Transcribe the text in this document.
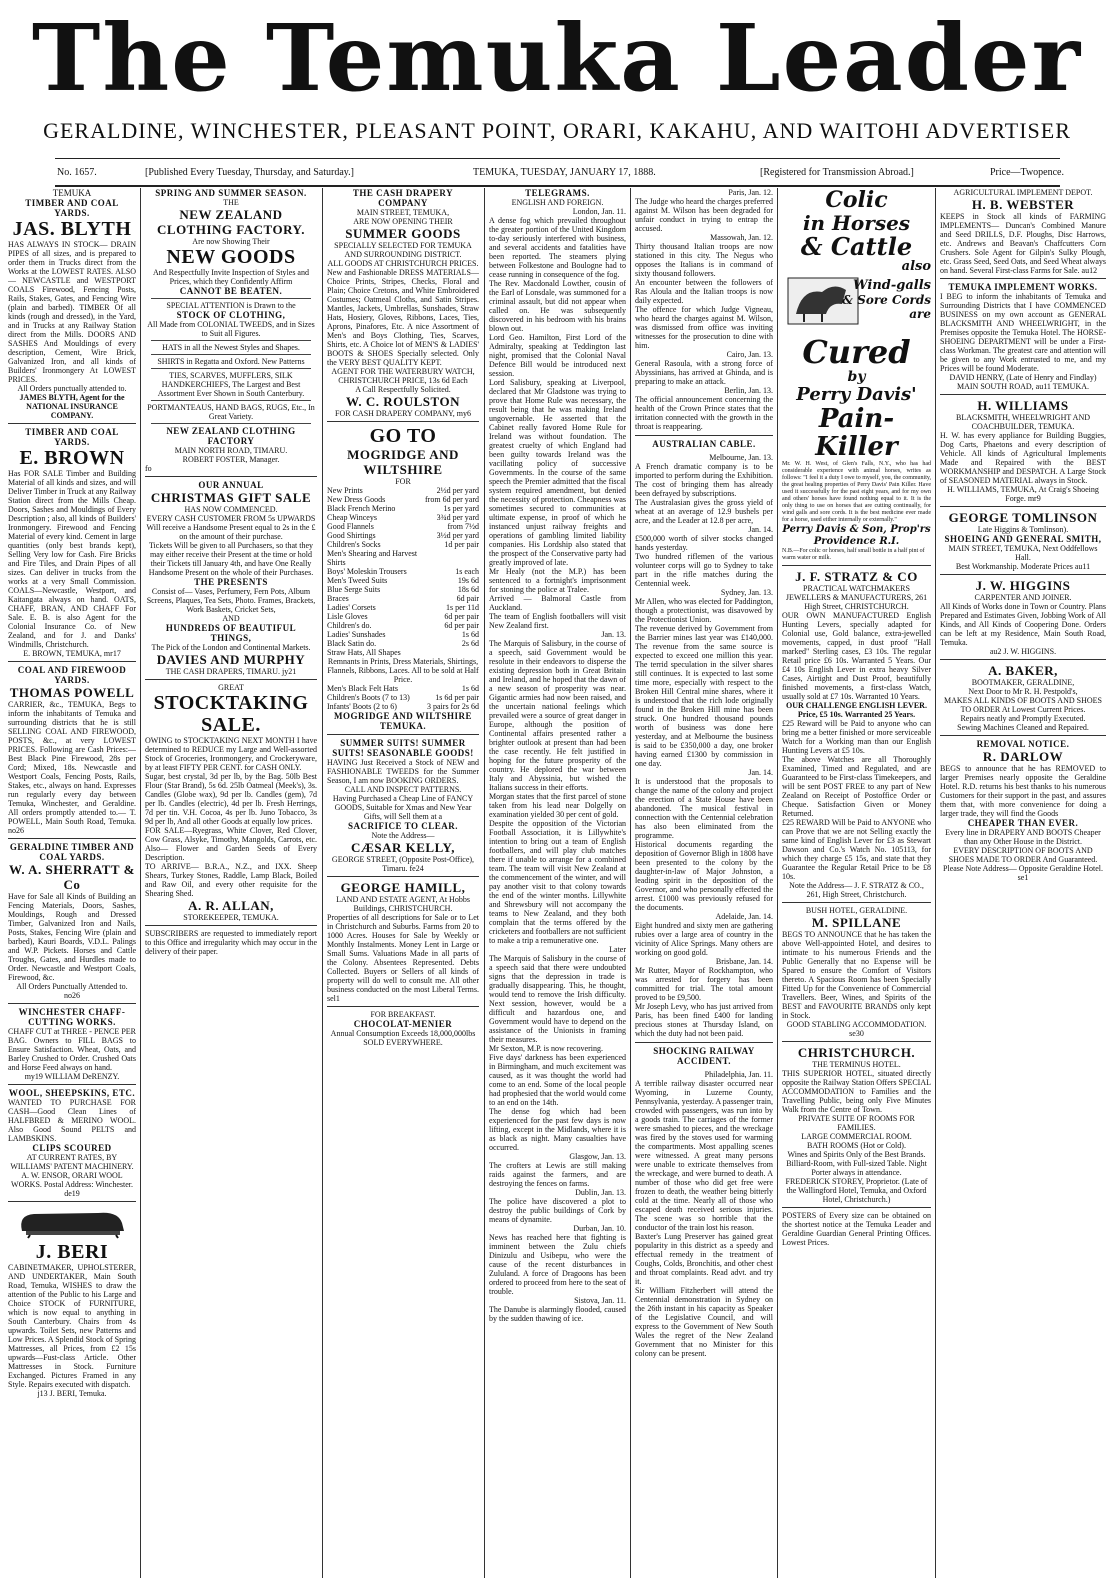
The Temuka Leader
GERALDINE, WINCHESTER, PLEASANT POINT, ORARI, KAKAHU, AND WAITOHI ADVERTISER
No. 1657.	[Published Every Tuesday, Thursday, and Saturday.]	TEMUKA, TUESDAY, JANUARY 17, 1888.	[Registered for Transmission Abroad.]	Price—Twopence.
TEMUKA
TIMBER AND COAL YARDS.
JAS. BLYTH
HAS ALWAYS IN STOCK— DRAIN PIPES of all sizes, and is prepared to order them in Trucks direct from the Works at the LOWEST RATES. ALSO— NEWCASTLE and WESTPORT COALS Firewood, Fencing Posts, Rails, Stakes, Gates, and Fencing Wire (plain and barbed). TIMBER Of all kinds (rough and dressed), in the Yard, and in Trucks at any Railway Station direct from the Mills. DOORS AND SASHES And Mouldings of every description, Cement, Wire Brick, Galvanized Iron, and all kinds of Builders' Ironmongery At LOWEST PRICES.
All Orders punctually attended to.
JAMES BLYTH, Agent for the NATIONAL INSURANCE COMPANY.
TIMBER AND COAL YARDS.
E. BROWN
Has FOR SALE Timber and Building Material of all kinds and sizes, and will Deliver Timber in Truck at any Railway Station direct from the Mills Cheap. Doors, Sashes and Mouldings of Every Description ; also, all kinds of Builders' Ironmongery. Firewood and Fencing Material of every kind. Cement in large quantities (only best brands kept), Selling Very low for Cash. Fire Bricks and Fire Tiles, and Drain Pipes of all sizes. Can deliver in trucks from the works at a very Small Commission. COALS—Newcastle, Westport, and Kaitangata always on hand. OATS, CHAFF, BRAN, AND CHAFF For Sale. E. B. is also Agent for the Colonial Insurance Co. of New Zealand, and for J. and Danks' Windmills, Christchurch.
E. BROWN, TEMUKA, mr17
COAL AND FIREWOOD YARDS.
THOMAS POWELL
CARRIER, &c., TEMUKA, Begs to inform the inhabitants of Temuka and surrounding districts that he is still SELLING COAL AND FIREWOOD, POSTS, &c., at very LOWEST PRICES. Following are Cash Prices:—Best Black Pine Firewood, 28s per Cord; Mixed, 18s. Newcastle and Westport Coals, Fencing Posts, Rails, Stakes, etc., always on hand. Expresses run regularly every day between Temuka, Winchester, and Geraldine. All orders promptly attended to.— T. POWELL, Main South Road, Temuka. no26
GERALDINE TIMBER AND COAL YARDS.
W. A. SHERRATT & Co
Have for Sale all Kinds of Building an Fencing Materials, Doors, Sashes, Mouldings, Rough and Dressed Timber, Galvanized Iron and Nails, Posts, Stakes, Fencing Wire (plain and barbed), Kauri Boards, V.D.L. Palings and W.P. Pickets. Horses and Cattle Troughs, Gates, and Hurdles made to Order. Newcastle and Westport Coals, Firewood, &c.
All Orders Punctually Attended to. no26
WINCHESTER CHAFF-CUTTING WORKS.
CHAFF CUT at THREE - PENCE PER BAG. Owners to FILL BAGS to Ensure Satisfaction. Wheat, Oats, and Barley Crushed to Order. Crushed Oats and Horse Feed always on hand.
my19 WILLIAM DeRENZY.
WOOL, SHEEPSKINS, ETC.
WANTED TO PURCHASE FOR CASH—Good Clean Lines of HALFBRED & MERINO WOOL. Also Good Sound PELTS and LAMBSKINS.
CLIPS SCOURED
AT CURRENT RATES, BY WILLIAMS' PATENT MACHINERY.
A. W. ENSOR, ORARI WOOL WORKS. Postal Address: Winchester. de19
J. BERI
CABINETMAKER, UPHOLSTERER, AND UNDERTAKER, Main South Road, Temuka, WISHES to draw the attention of the Public to his Large and Choice STOCK of FURNITURE, which is now equal to anything in South Canterbury. Chairs from 4s upwards. Toilet Sets, new Patterns and Low Prices. A Splendid Stock of Spring Mattresses, all Prices, from £2 15s upwards—Fust-class Article. Other Mattresses in Stock. Furniture Exchanged. Pictures Framed in any Style. Repairs executed with dispatch.
j13 J. BERI, Temuka.
SPRING AND SUMMER SEASON.
THE
NEW ZEALAND CLOTHING FACTORY.
Are now Showing Their
NEW GOODS
And Respectfully Invite Inspection of Styles and Prices, which they Confidently Affirm
CANNOT BE BEATEN.
SPECIAL ATTENTION is Drawn to the
STOCK OF CLOTHING,
All Made from COLONIAL TWEEDS, and in Sizes to Suit all Figures.
HATS in all the Newest Styles and Shapes.
SHIRTS in Regatta and Oxford. New Patterns
TIES, SCARVES, MUFFLERS, SILK HANDKERCHIEFS, The Largest and Best Assortment Ever Shown in South Canterbury.
PORTMANTEAUS, HAND BAGS, RUGS, Etc., In Great Variety.
NEW ZEALAND CLOTHING FACTORY
MAIN NORTH ROAD, TIMARU.
ROBERT FOSTER, Manager.
fo
OUR ANNUAL
CHRISTMAS GIFT SALE
HAS NOW COMMENCED.
EVERY CASH CUSTOMER FROM 5s UPWARDS Will receive a Handsome Present equal to 2s in the £ on the amount of their purchase.
Tickets Will be given to all Purchasers, so that they may either receive their Present at the time or hold their Tickets till January 4th, and have One Really Handsome Present on the whole of their Purchases.
THE PRESENTS
Consist of— Vases, Perfumery, Fern Pots, Album Screens, Plaques, Tea Sets, Photo. Frames, Brackets, Work Baskets, Cricket Sets,
AND
HUNDREDS OF BEAUTIFUL THINGS,
The Pick of the London and Continental Markets.
DAVIES AND MURPHY
THE CASH DRAPERS, TIMARU. jy21
GREAT
STOCKTAKING SALE.
OWING to STOCKTAKING NEXT MONTH I have determined to REDUCE my Large and Well-assorted Stock of Groceries, Ironmongery, and Crockeryware, by at least FIFTY PER CENT. for CASH ONLY.
Sugar, best crystal, 3d per lb, by the Bag. 50lb Best Flour (Star Brand), 5s 6d. 25lb Oatmeal (Meek's), 3s. Candles (Globe wax), 9d per lb. Candles (gem), 7d per lb. Candles (electric), 4d per lb. Fresh Herrings, 7d per tin. V.H. Cocoa, 4s per lb. Juno Tobacco, 3s 9d per lb, And all other Goods at equally low prices.
FOR SALE—Ryegrass, White Clover, Red Clover, Cow Grass, Alsyke, Timothy, Mangolds, Carrots, etc. Also— Flower and Garden Seeds of Every Description.
TO ARRIVE— B.R.A., N.Z., and IXX. Sheep Shears, Turkey Stones, Raddle, Lamp Black, Boiled and Raw Oil, and every other requisite for the Shearing Shed.
A. R. ALLAN,
STOREKEEPER, TEMUKA.
SUBSCRIBERS are requested to immediately report to this Office and irregularity which may occur in the delivery of their paper.
THE CASH DRAPERY COMPANY
MAIN STREET, TEMUKA,
ARE NOW OPENING THEIR
SUMMER GOODS
SPECIALLY SELECTED FOR TEMUKA AND SURROUNDING DISTRICT.
ALL GOODS AT CHRISTCHURCH PRICES.
New and Fashionable DRESS MATERIALS—Choice Prints, Stripes, Checks, Floral and Plain; Choice Cretons, and White Embroidered Costumes; Oatmeal Cloths, and Satin Stripes. Mantles, Jackets, Umbrellas, Sunshades, Straw Hats, Hosiery, Gloves, Ribbons, Laces, Ties, Aprons, Pinafores, Etc. A nice Assortment of Men's and Boys Clothing, Ties, Scarves, Shirts, etc. A Choice lot of MEN'S & LADIES' BOOTS & SHOES Specially selected. Only the VERY BEST QUALITY KEPT.
AGENT FOR THE WATERBURY WATCH, CHRISTCHURCH PRICE, 13s 6d Each
A Call Respectfully Solicited.
W. C. ROULSTON
FOR CASH DRAPERY COMPANY, my6
GO TO
MOGRIDGE AND WILTSHIRE
FOR
New Prints	2½d per yard
New Dress Goods	from 6d per yard
Black French Merino	1s per yard
Cheap Winceys	3¾d per yard
Good Flannels	from 7½d
Good Shirtings	3½d per yard
Children's Socks	1d per pair
Men's Shearing and Harvest Shirts	
Boys' Moleskin Trousers	1s each
Men's Tweed Suits	19s 6d
Blue Serge Suits	18s 6d
Braces	6d pair
Ladies' Corsets	1s per 11d
Lisle Gloves	6d per pair
Children's do.	6d per pair
Ladies' Sunshades	1s 6d
Black Satin do.	2s 6d
Straw Hats, All Shapes	
Remnants in Prints, Dress Materials, Shirtings, Flannels, Ribbons, Laces. All to be sold at Half Price.
Men's Black Felt Hats	1s 6d
Children's Boots (7 to 13)	1s 6d per pair
Infants' Boots (2 to 6)	3 pairs for 2s 6d
MOGRIDGE AND WILTSHIRE TEMUKA.
SUMMER SUITS! SUMMER SUITS! SEASONABLE GOODS!
HAVING Just Received a Stock of NEW and FASHIONABLE TWEEDS for the Summer Season, I am now BOOKING ORDERS.
CALL AND INSPECT PATTERNS.
Having Purchased a Cheap Line of FANCY GOODS, Suitable for Xmas and New Year Gifts, will Sell them at a
SACRIFICE TO CLEAR.
Note the Address—
CÆSAR KELLY,
GEORGE STREET, (Opposite Post-Office), Timaru. fe24
GEORGE HAMILL,
LAND AND ESTATE AGENT, At Hobbs Buildings, CHRISTCHURCH.
Properties of all descriptions for Sale or to Let in Christchurch and Suburbs. Farms from 20 to 1000 Acres. Houses for Sale by Weekly or Monthly Instalments. Money Lent in Large or Small Sums. Valuations Made in all parts of the Colony. Absentees Represented. Debts Collected. Buyers or Sellers of all kinds of property will do well to consult me. All other business conducted on the most Liberal Terms. sel1
FOR BREAKFAST.
CHOCOLAT-MENIER
Annual Consumption Exceeds 18,000,000lbs
SOLD EVERYWHERE.
TELEGRAMS.
ENGLISH AND FOREIGN.
London, Jan. 11.
A dense fog which prevailed throughout the greater portion of the United Kingdom to-day seriously interfered with business, and several accidents and fatalities have been reported. The steamers plying between Folkestone and Boulogne had to cease running in consequence of the fog.
The Rev. Macdonald Lowther, cousin of the Earl of Lonsdale, was summoned for a criminal assault, but did not appear when called on. He was subsequently discovered in his bedroom with his brains blown out.
Lord Geo. Hamilton, First Lord of the Admiralty, speaking at Teddington last night, promised that the Colonial Naval Defence Bill would be introduced next session.
Lord Salisbury, speaking at Liverpool, declared that Mr Gladstone was trying to prove that Home Rule was necessary, the result being that he was making Ireland ungovernable. He asserted that the Cabinet really favored Home Rule for Ireland was without foundation. The greatest cruelty of which England had been guilty towards Ireland was the vacillating policy of successive Governments. In the course of the same speech the Premier admitted that the fiscal system required amendment, but denied the necessity of protection. Cheapness was sometimes secured to communities at ultimate expense, in proof of which he instanced unjust railway freights and operations of gambling limited liability companies. His Lordship also stated that the prospect of the Conservative party had greatly improved of late.
Mr Healy (not the M.P.) has been sentenced to a fortnight's imprisonment for stoning the police at Tralee.
Arrived — Balmoral Castle from Auckland.
The team of English footballers will visit New Zealand first.
Jan. 13.
The Marquis of Salisbury, in the course of a speech, said Government would be resolute in their endeavors to disperse the existing depression both in Great Britain and Ireland, and he hoped that the dawn of a new season of prosperity was near. Gigantic armies had now been raised, and the uncertain national feelings which prevailed were a source of great danger in Europe, although the position of Continental affairs presented rather a brighter outlook at present than had been the case recently. He felt justified in hoping for the future prosperity of the country. He deplored the war between Italy and Abyssinia, but wished the Italians success in their efforts.
Morgan states that the first parcel of stone taken from his lead near Dolgelly on examination yielded 30 per cent of gold.
Despite the opposition of the Victorian Football Association, it is Lillywhite's intention to bring out a team of English footballers, and will play club matches there if unable to arrange for a combined team. The team will visit New Zealand at the commencement of the winter, and will pay another visit to that colony towards the end of the winter months. Lillywhite and Shrewsbury will not accompany the teams to New Zealand, and they both complain that the terms offered by the cricketers and footballers are not sufficient to make a trip a remunerative one.
Later
The Marquis of Salisbury in the course of a speech said that there were undoubted signs that the depression in trade is gradually disappearing. This, he thought, would tend to remove the Irish difficulty. Next session, however, would be a difficult and hazardous one, and Government would have to depend on the assistance of the Unionists in framing their measures.
Mr Sexton, M.P. is now recovering.
Five days' darkness has been experienced in Birmingham, and much excitement was caused, as it was thought the world had come to an end. Some of the local people had prophesied that the world would come to an end on the 14th.
The dense fog which had been experienced for the past few days is now lifting, except in the Midlands, where it is as black as night. Many casualties have occurred.
Glasgow, Jan. 13.
The crofters at Lewis are still making raids against the farmers, and are destroying the fences on farms.
Dublin, Jan. 13.
The police have discovered a plot to destroy the public buildings of Cork by means of dynamite.
Durban, Jan. 10.
News has reached here that fighting is imminent between the Zulu chiefs Dinizulu and Usibepu, who were the cause of the recent disturbances in Zululand. A force of Dragoons has been ordered to proceed from here to the seat of trouble.
Sistova, Jan. 11.
The Danube is alarmingly flooded, caused by the sudden thawing of ice.
Paris, Jan. 12.
The Judge who heard the charges preferred against M. Wilson has been degraded for unfair conduct in trying to entrap the accused.
Massowah, Jan. 12.
Thirty thousand Italian troops are now stationed in this city. The Negus who opposes the Italians is in command of sixty thousand followers.
An encounter between the followers of Ras Aloula and the Italian troops is now daily expected.
The offence for which Judge Vigneau, who heard the charges against M. Wilson, was dismissed from office was inviting witnesses for the prosecution to dine with him.
Cairo, Jan. 13.
General Rasoula, with a strong force of Abyssinians, has arrived at Ghinda, and is preparing to make an attack.
Berlin, Jan. 13.
The official announcement concerning the health of the Crown Prince states that the irritation connected with the growth in the throat is reappearing.
AUSTRALIAN CABLE.
Melbourne, Jan. 13.
A French dramatic company is to be imported to perform during the Exhibition. The cost of bringing them has already been defrayed by subscriptions.
The Australasian gives the gross yield of wheat at an average of 12.9 bushels per acre, and the Leader at 12.8 per acre,
Jan. 14.
£500,000 worth of silver stocks changed hands yesterday.
Two hundred riflemen of the various volunteer corps will go to Sydney to take part in the rifle matches during the Centennial week.
Sydney, Jan. 13.
Mr Allen, who was elected for Paddington, though a protectionist, was disavowed by the Protectionist Union.
The revenue derived by Government from the Barrier mines last year was £140,000. The revenue from the same source is expected to exceed one million this year. The terrid speculation in the silver shares still continues. It is expected to last some time more, especially with respect to the Broken Hill Central mine shares, where it is understood that the rich lode originally found in the Broken Hill mine has been struck. One hundred thousand pounds worth of business was done here yesterday, and at Melbourne the business is said to be £350,000 a day, one broker having earned £1300 by commission in one day.
Jan. 14.
It is understood that the proposals to change the name of the colony and project the erection of a State House have been abandoned. The musical festival in connection with the Centennial celebration has also been eliminated from the programme.
Historical documents regarding the deposition of Governor Bligh in 1808 have been presented to the colony by the daughter-in-law of Major Johnston, a leading spirit in the deposition of the Governor, and who personally effected the arrest. £1000 was previously refused for the documents.
Adelaide, Jan. 14.
Eight hundred and sixty men are gathering rubies over a large area of country in the vicinity of Alice Springs. Many others are working on good gold.
Brisbane, Jan. 14.
Mr Rutter, Mayor of Rockhampton, who was arrested for forgery has been committed for trial. The total amount proved to be £9,500.
Mr Joseph Levy, who has just arrived from Paris, has been fined £400 for landing precious stones at Thursday Island, on which the duty had not been paid.
SHOCKING RAILWAY ACCIDENT.
Philadelphia, Jan. 11.
A terrible railway disaster occurred near Wyoming, in Luzerne County, Pennsylvania, yesterday. A passenger train, crowded with passengers, was run into by a goods train. The carriages of the former were smashed to pieces, and the wreckage was fired by the stoves used for warming the compartments. Most appalling scenes were witnessed. A great many persons were unable to extricate themselves from the wreckage, and were burned to death. A number of those who did get free were frozen to death, the weather being bitterly cold at the time. Nearly all of those who escaped death received serious injuries. The scene was so horrible that the conductor of the train lost his reason.
Baxter's Lung Preserver has gained great popularity in this district as a speedy and effectual remedy in the treatment of Coughs, Colds, Bronchitis, and other chest and throat complaints. Read advt. and try it.
Sir William Fitzherbert will attend the Centennial demonstration in Sydney on the 26th instant in his capacity as Speaker of the Legislative Council, and will express to the Government of New South Wales the regret of the New Zealand Government that no Minister for this colony can be present.
Colic
in Horses
& Cattle
also
Wind-galls
& Sore Cords
are
Cured
by
Perry Davis'
Pain-Killer
Mr. W. H. West, of Glen's Falls, N.Y., who has had considerable experience with animal horses, writes as follows: "I feel it a duty I owe to myself, you, the community, the great healing properties of Perry Davis' Pain Killer. Have used it successfully for the past eight years, and for my own and others' horses have found nothing equal to it. It is the only thing to use on horses that are cutting continually, for wind galls and sore cords. It is the best medicine ever made for a horse, used either internally or externally."
Perry Davis & Son, Prop'rs
Providence R.I.
N.B.—For colic or horses, half small bottle in a half pint of warm water or milk.
J. F. STRATZ & CO
PRACTICAL WATCHMAKERS JEWELLERS & MANUFACTURERS, 261 High Street, CHRISTCHURCH.
OUR OWN MANUFACTURED English Hunting Levers, specially adapted for Colonial use, Gold balance, extra-jewelled movements, capped, in dust proof "Hall marked" Sterling cases, £3 10s. The regular Retail price £6 10s. Warranted 5 Years. Our £4 10s English Lever in extra heavy Silver Cases, Airtight and Dust Proof, beautifully finished movements, a first-class Watch, usually sold at £7 10s. Warranted 10 Years.
OUR CHALLENGE ENGLISH LEVER. Price, £5 10s. Warranted 25 Years.
£25 Reward will be Paid to anyone who can bring me a better finished or more serviceable Watch for a Working man than our English Hunting Levers at £5 10s.
The above Watches are all Thoroughly Examined, Timed and Regulated, and are Guaranteed to be First-class Timekeepers, and will be sent POST FREE to any part of New Zealand on Receipt of Postoffice Order or Cheque. Satisfaction Given or Money Returned.
£25 REWARD Will be Paid to ANYONE who can Prove that we are not Selling exactly the same kind of English Lever for £3 as Stewart Dawson and Co.'s Watch No. 105113, for which they charge £5 15s, and state that they Guarantee the Regular Retail Price to be £8 10s.
Note the Address— J. F. STRATZ & CO., 261, High Street, Christchurch.
BUSH HOTEL, GERALDINE.
M. SPILLANE
BEGS TO ANNOUNCE that he has taken the above Well-appointed Hotel, and desires to intimate to his numerous Friends and the Public Generally that no Expense will be Spared to ensure the Comfort of Visitors thereto. A Spacious Room has been Specially Fitted Up for the Convenience of Commercial Travellers. Beer, Wines, and Spirits of the BEST and FAVOURITE BRANDS only kept in Stock.
GOOD STABLING ACCOMMODATION. se30
CHRISTCHURCH.
THE TERMINUS HOTEL.
THIS SUPERIOR HOTEL, situated directly opposite the Railway Station Offers SPECIAL ACCOMMODATION to Families and the Travelling Public, being only Five Minutes Walk from the Centre of Town.
PRIVATE SUITE OF ROOMS FOR FAMILIES.
LARGE COMMERCIAL ROOM.
BATH ROOMS (Hot or Cold).
Wines and Spirits Only of the Best Brands.
Billiard-Room, with Full-sized Table. Night Porter always in attendance.
FREDERICK STOREY, Proprietor. (Late of the Wallingford Hotel, Temuka, and Oxford Hotel, Christchurch.)
POSTERS of Every size can be obtained on the shortest notice at the Temuka Leader and Geraldine Guardian General Printing Offices. Lowest Prices.
AGRICULTURAL IMPLEMENT DEPOT.
H. B. WEBSTER
KEEPS in Stock all kinds of FARMING IMPLEMENTS— Duncan's Combined Manure and Seed DRILLS, D.F. Ploughs, Disc Harrows, etc. Andrews and Beavan's Chaffcutters Corn Crushers. Sole Agent for Gilpin's Sulky Plough, etc. Grass Seed, Seed Oats, and Seed Wheat always on hand. Several First-class Farms for Sale. au12
TEMUKA IMPLEMENT WORKS.
I BEG to inform the inhabitants of Temuka and Surrounding Districts that I have COMMENCED BUSINESS on my own account as GENERAL BLACKSMITH AND WHEELWRIGHT, in the Premises opposite the Temuka Hotel. The HORSE-SHOEING DEPARTMENT will be under a First-class Workman. The greatest care and attention will be given to any Work entrusted to me, and my Prices will be found Moderate.
DAVID HENRY, (Late of Henry and Findlay) MAIN SOUTH ROAD, au11 TEMUKA.
H. WILLIAMS
BLACKSMITH, WHEELWRIGHT AND COACHBUILDER, TEMUKA.
H. W. has every appliance for Building Buggies, Dog Carts, Phaetons and every description of Vehicle. All kinds of Agricultural Implements Made and Repaired with the BEST WORKMANSHIP and DESPATCH. A Large Stock of SEASONED MATERIAL always in Stock.
H. WILLIAMS, TEMUKA, At Craig's Shoeing Forge. mr9
GEORGE TOMLINSON
Late Higgins & Tomlinson).
SHOEING AND GENERAL SMITH,
MAIN STREET, TEMUKA, Next Oddfellows Hall.
Best Workmanship. Moderate Prices au11
J. W. HIGGINS
CARPENTER AND JOINER.
All Kinds of Works done in Town or Country. Plans Prepared and Estimates Given, Jobbing Work of All Kinds, and All Kinds of Coopering Done. Orders can be left at my Residence, Main South Road, Temuka.
au2 J. W. HIGGINS.
A. BAKER,
BOOTMAKER, GERALDINE,
Next Door to Mr R. H. Pestpold's,
MAKES ALL KINDS OF BOOTS AND SHOES TO ORDER At Lowest Current Prices.
Repairs neatly and Promptly Executed.
Sewing Machines Cleaned and Repaired.
REMOVAL NOTICE.
R. DARLOW
BEGS to announce that he has REMOVED to larger Premises nearly opposite the Geraldine Hotel. R.D. returns his best thanks to his numerous Customers for their support in the past, and assures them that, with more convenience for doing a larger trade, they will find the Goods
CHEAPER THAN EVER.
Every line in DRAPERY AND BOOTS Cheaper than any Other House in the District.
EVERY DESCRIPTION OF BOOTS AND SHOES MADE TO ORDER And Guaranteed.
Please Note Address— Opposite Geraldine Hotel. se1
